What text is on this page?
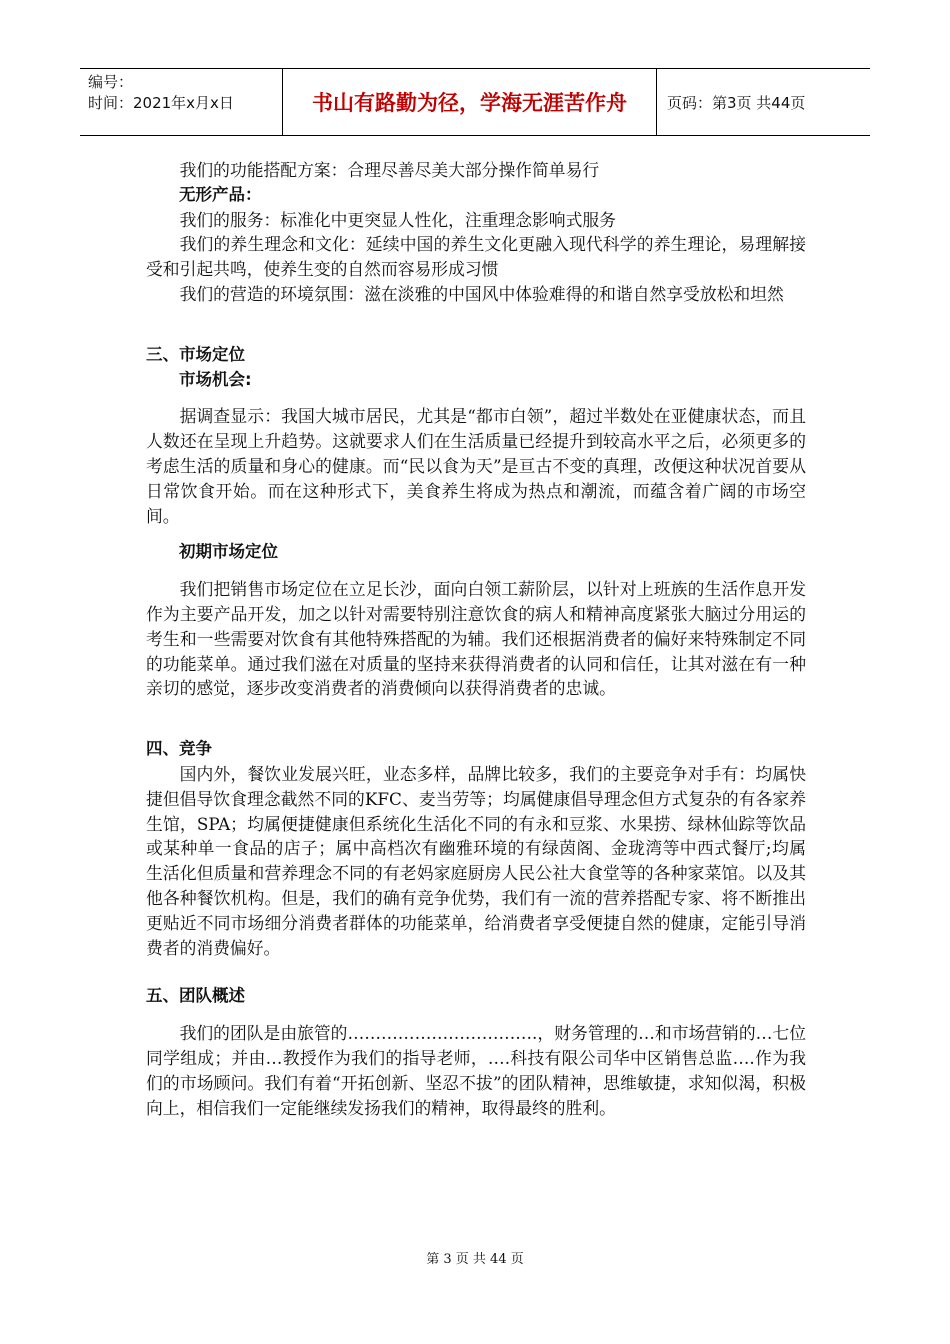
编号：
时间：2021年x月x日	书山有路勤为径，学海无涯苦作舟	页码：第3页 共44页

我们的功能搭配方案：合理尽善尽美大部分操作简单易行

无形产品：

我们的服务：标准化中更突显人性化，注重理念影响式服务

我们的养生理念和文化：延续中国的养生文化更融入现代科学的养生理论，易理解接受和引起共鸣，使养生变的自然而容易形成习惯

我们的营造的环境氛围：滋在淡雅的中国风中体验难得的和谐自然享受放松和坦然

三、市场定位
市场机会:

据调查显示：我国大城市居民，尤其是“都市白领”，超过半数处在亚健康状态，而且人数还在呈现上升趋势。这就要求人们在生活质量已经提升到较高水平之后，必须更多的考虑生活的质量和身心的健康。而“民以食为天”是亘古不变的真理，改便这种状况首要从日常饮食开始。而在这种形式下，美食养生将成为热点和潮流，而蕴含着广阔的市场空间。

初期市场定位

我们把销售市场定位在立足长沙，面向白领工薪阶层，以针对上班族的生活作息开发作为主要产品开发，加之以针对需要特别注意饮食的病人和精神高度紧张大脑过分用运的考生和一些需要对饮食有其他特殊搭配的为辅。我们还根据消费者的偏好来特殊制定不同的功能菜单。通过我们滋在对质量的坚持来获得消费者的认同和信任，让其对滋在有一种亲切的感觉，逐步改变消费者的消费倾向以获得消费者的忠诚。

四、竞争

国内外，餐饮业发展兴旺，业态多样，品牌比较多，我们的主要竞争对手有：均属快捷但倡导饮食理念截然不同的KFC、麦当劳等；均属健康倡导理念但方式复杂的有各家养生馆，SPA；均属便捷健康但系统化生活化不同的有永和豆浆、水果捞、绿林仙踪等饮品或某种单一食品的店子；属中高档次有幽雅环境的有绿茵阁、金珑湾等中西式餐厅;均属生活化但质量和营养理念不同的有老妈家庭厨房人民公社大食堂等的各种家菜馆。以及其他各种餐饮机构。但是，我们的确有竞争优势，我们有一流的营养搭配专家、将不断推出更贴近不同市场细分消费者群体的功能菜单，给消费者享受便捷自然的健康，定能引导消费者的消费偏好。

五、团队概述

我们的团队是由旅管的…………………………….，财务管理的…和市场营销的…七位同学组成；并由…教授作为我们的指导老师，….科技有限公司华中区销售总监….作为我们的市场顾问。我们有着“开拓创新、坚忍不拔”的团队精神，思维敏捷，求知似渴，积极向上，相信我们一定能继续发扬我们的精神，取得最终的胜利。

第 3 页 共 44 页
